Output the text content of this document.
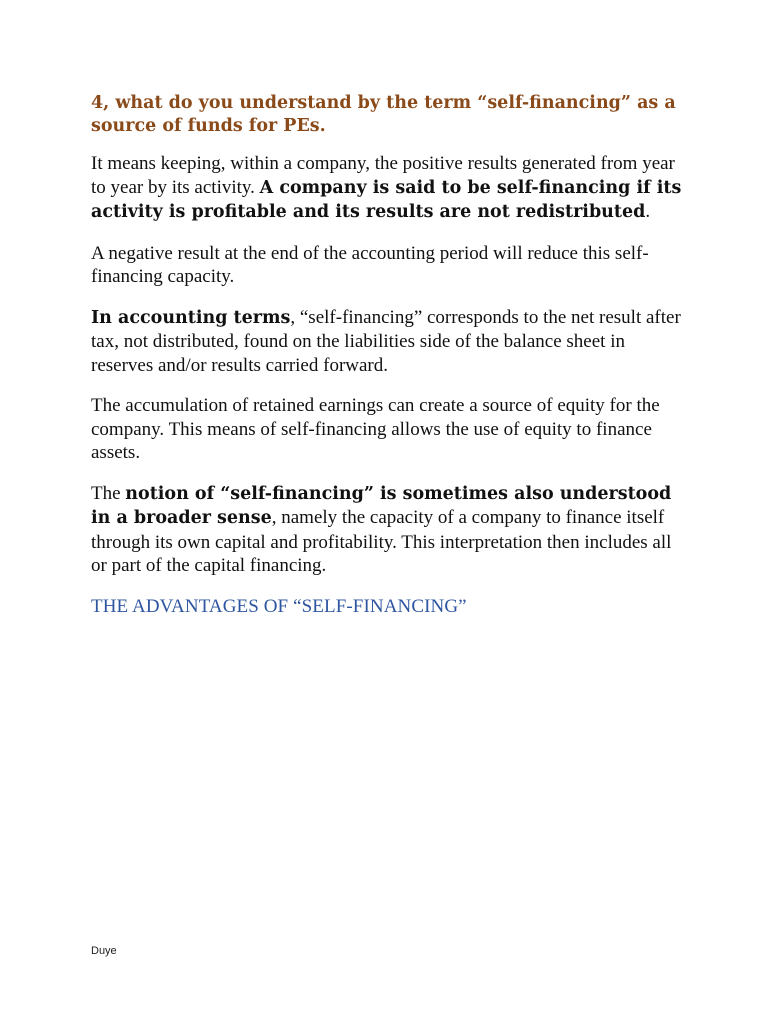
4, what do you understand by the term “self-financing” as a source of funds for PEs.

It means keeping, within a company, the positive results generated from year to year by its activity. A company is said to be self-financing if its activity is profitable and its results are not redistributed.

A negative result at the end of the accounting period will reduce this self-financing capacity.

In accounting terms, “self-financing” corresponds to the net result after tax, not distributed, found on the liabilities side of the balance sheet in reserves and/or results carried forward.

The accumulation of retained earnings can create a source of equity for the company. This means of self-financing allows the use of equity to finance assets.

The notion of “self-financing” is sometimes also understood in a broader sense, namely the capacity of a company to finance itself through its own capital and profitability. This interpretation then includes all or part of the capital financing.

THE ADVANTAGES OF “SELF-FINANCING”
Duye
